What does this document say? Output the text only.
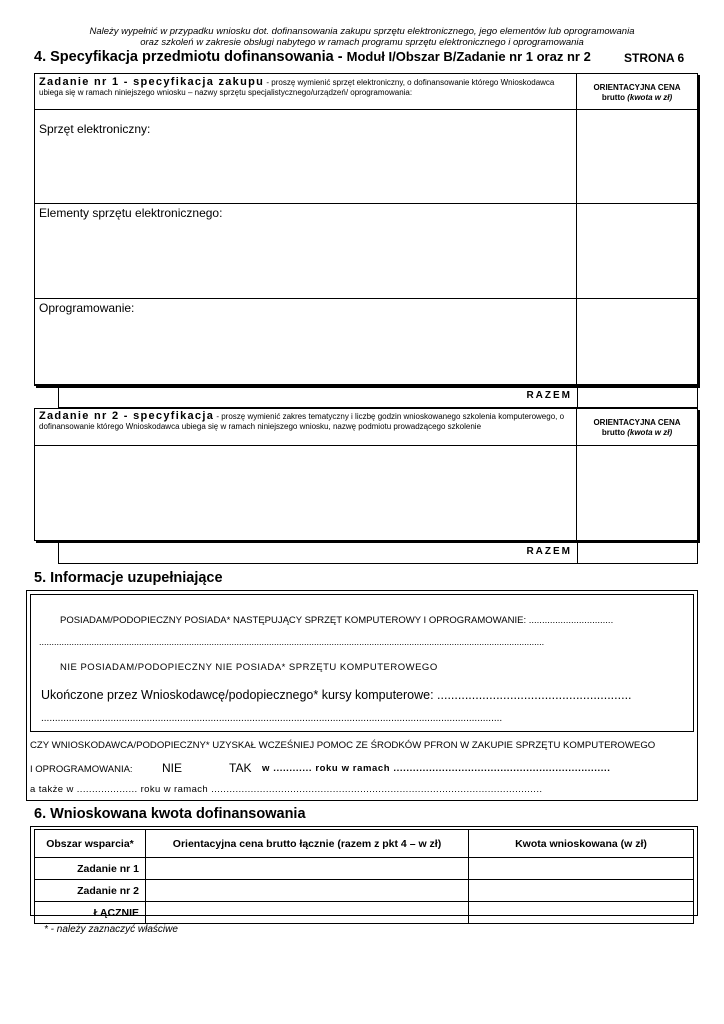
Należy wypełnić w przypadku wniosku dot. dofinansowania zakupu sprzętu elektronicznego, jego elementów lub oprogramowania
oraz szkoleń w zakresie obsługi nabytego w ramach programu sprzętu elektronicznego i oprogramowania
4. Specyfikacja przedmiotu dofinansowania - Moduł I/Obszar B/Zadanie nr 1 oraz nr 2	STRONA 6
Zadanie nr 1 - specyfikacja zakupu - proszę wymienić sprzęt elektroniczny, o dofinansowanie którego Wnioskodawca ubiega się w ramach niniejszego wniosku – nazwy sprzętu specjalistycznego/urządzeń/ oprogramowania:
ORIENTACYJNA CENA
brutto (kwota w zł)
Sprzęt elektroniczny:
Elementy sprzętu elektronicznego:
Oprogramowanie:
RAZEM
Zadanie nr 2 - specyfikacja - proszę wymienić zakres tematyczny i liczbę godzin wnioskowanego szkolenia komputerowego, o dofinansowanie którego Wnioskodawca ubiega się w ramach niniejszego wniosku, nazwę podmiotu prowadzącego szkolenie	ORIENTACYJNA CENA
brutto (kwota w zł)
RAZEM
5. Informacje uzupełniające
POSIADAM/PODOPIECZNY POSIADA* NASTĘPUJĄCY SPRZĘT KOMPUTEROWY I OPROGRAMOWANIE: ................................
..........................................................................................................................................................................................................
NIE POSIADAM/PODOPIECZNY NIE POSIADA* SPRZĘTU KOMPUTEROWEGO
Ukończone przez Wnioskodawcę/podopiecznego* kursy komputerowe: ........................................................
......................................................................................................................................................................
CZY WNIOSKODAWCA/PODOPIECZNY* UZYSKAŁ WCZEŚNIEJ POMOC ZE ŚRODKÓW PFRON W ZAKUPIE SPRZĘTU KOMPUTEROWEGO
I OPROGRAMOWANIA: NIE	TAK w ............ roku w ramach ...................................................................
a także w .................... roku w ramach .............................................................................................................
6. Wnioskowana kwota dofinansowania
Obszar wsparcia*	Orientacyjna cena brutto łącznie (razem z pkt 4 – w zł)	Kwota wnioskowana (w zł)
Zadanie nr 1		
Zadanie nr 2		
ŁĄCZNIE		
* - należy zaznaczyć właściwe
